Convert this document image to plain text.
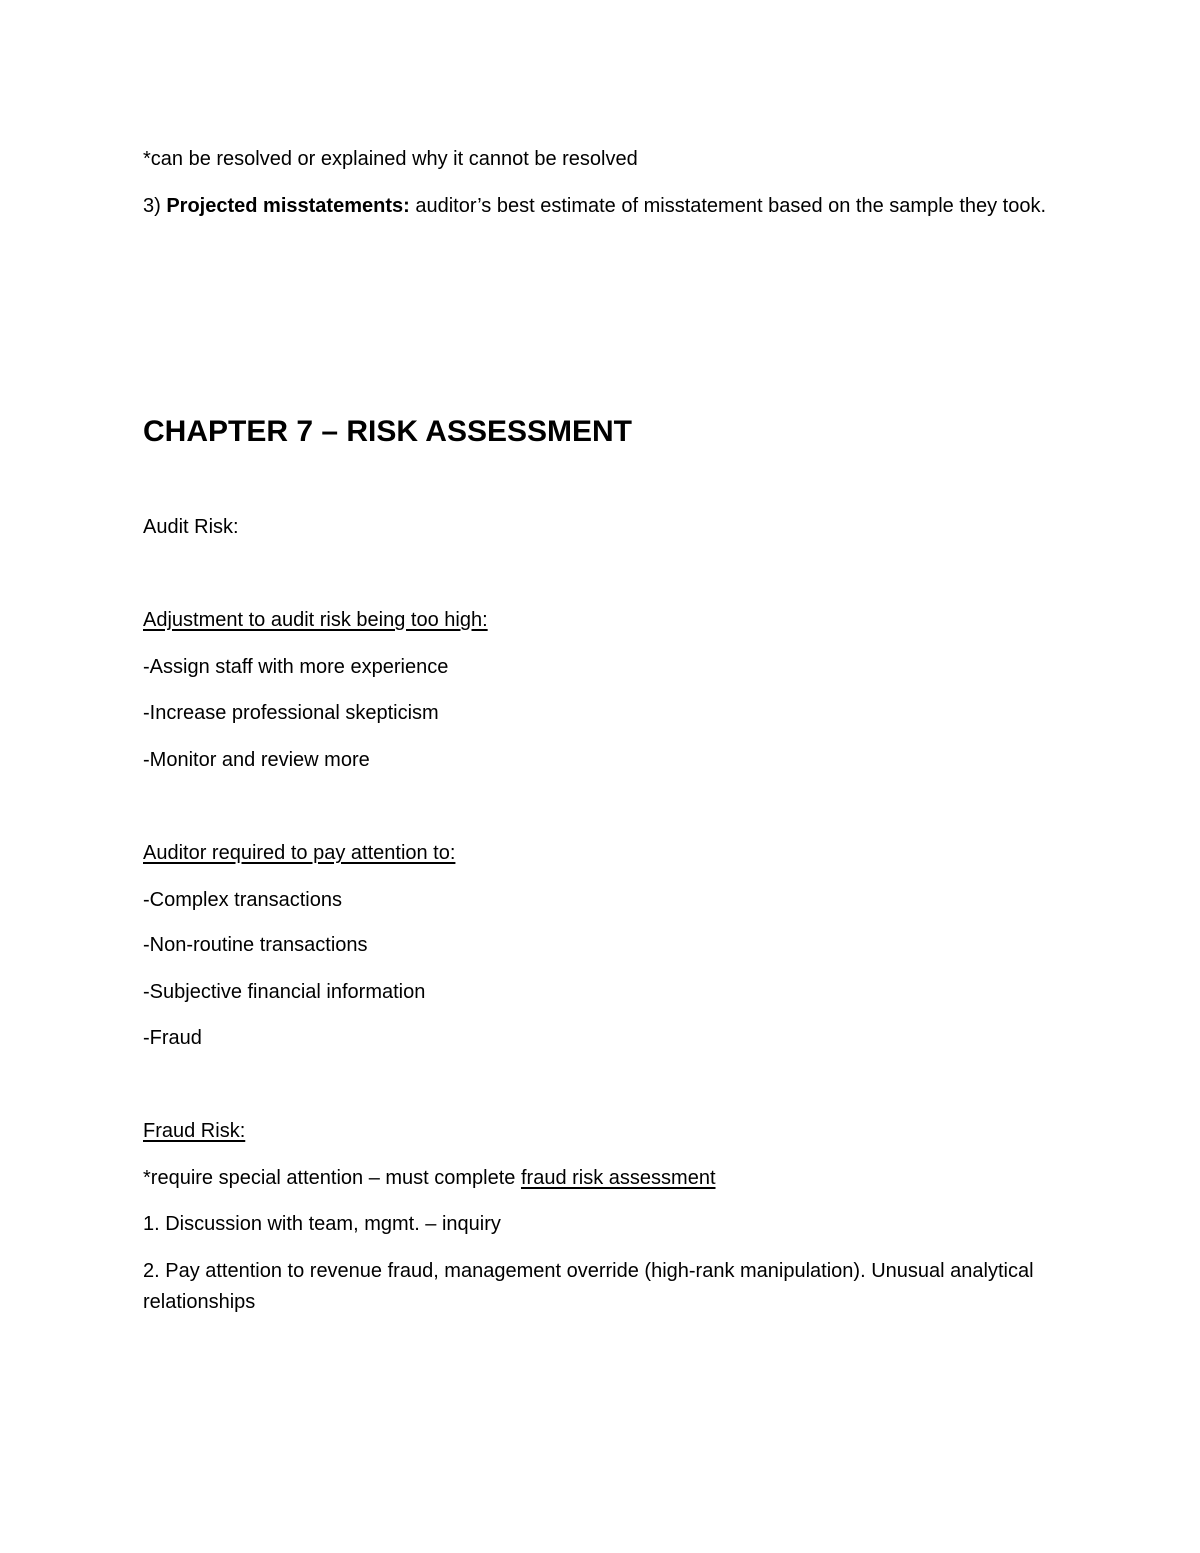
*can be resolved or explained why it cannot be resolved
3) Projected misstatements: auditor’s best estimate of misstatement based on the sample they took.
CHAPTER 7 – RISK ASSESSMENT
Audit Risk:
Adjustment to audit risk being too high:
-Assign staff with more experience
-Increase professional skepticism
-Monitor and review more
Auditor required to pay attention to:
-Complex transactions
-Non-routine transactions
-Subjective financial information
-Fraud
Fraud Risk:
*require special attention – must complete fraud risk assessment
1. Discussion with team, mgmt. – inquiry
2. Pay attention to revenue fraud, management override (high-rank manipulation). Unusual analytical relationships
